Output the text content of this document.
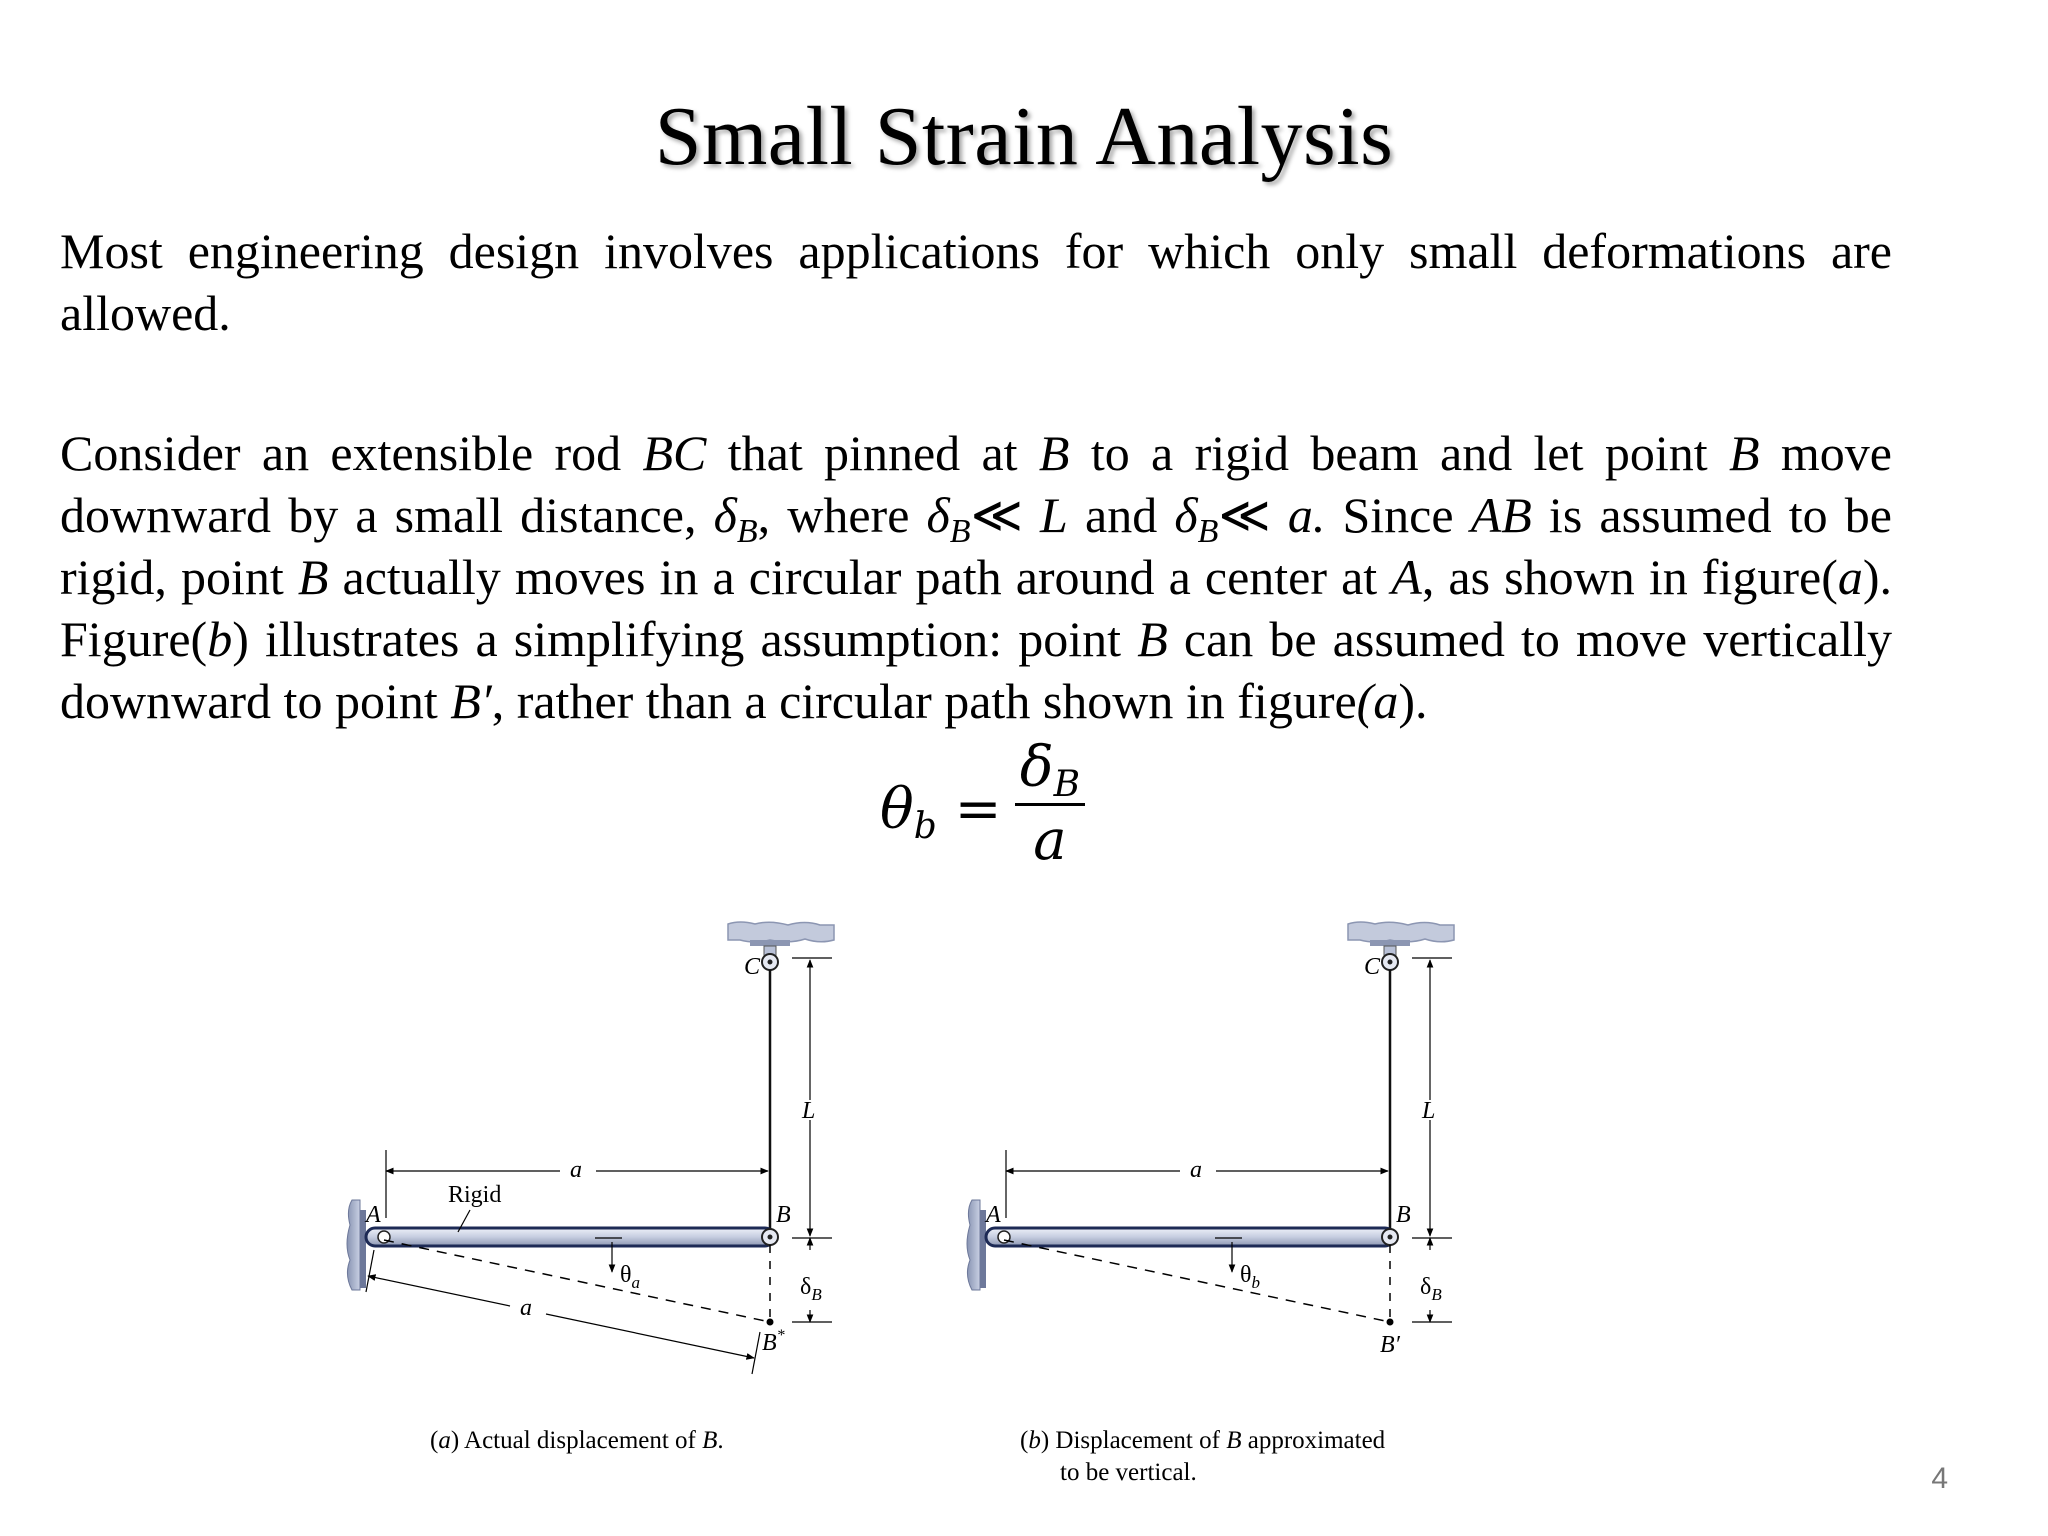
Small Strain Analysis
Most engineering design involves applications for which only small deformations are allowed.
Consider an extensible rod BC that pinned at B to a rigid beam and let point B move downward by a small distance, $\delta_B$, where $\delta_B≪$ L and $\delta_B≪$ a. Since AB is assumed to be rigid, point B actually moves in a circular path around a center at A, as shown in figure(a). Figure(b) illustrates a simplifying assumption: point B can be assumed to move vertically downward to point B′, rather than a circular path shown in figure(a).
$\theta_b$ =
$\delta_B$
a
C
L
A	B
a
Rigid
$\theta_a$	$\delta_B$
a
B*
(a) Actual displacement of B.
C
L
A	B
a
$\theta_b$	$\delta_B$
B′
(b) Displacement of B approximated
to be vertical.	4
